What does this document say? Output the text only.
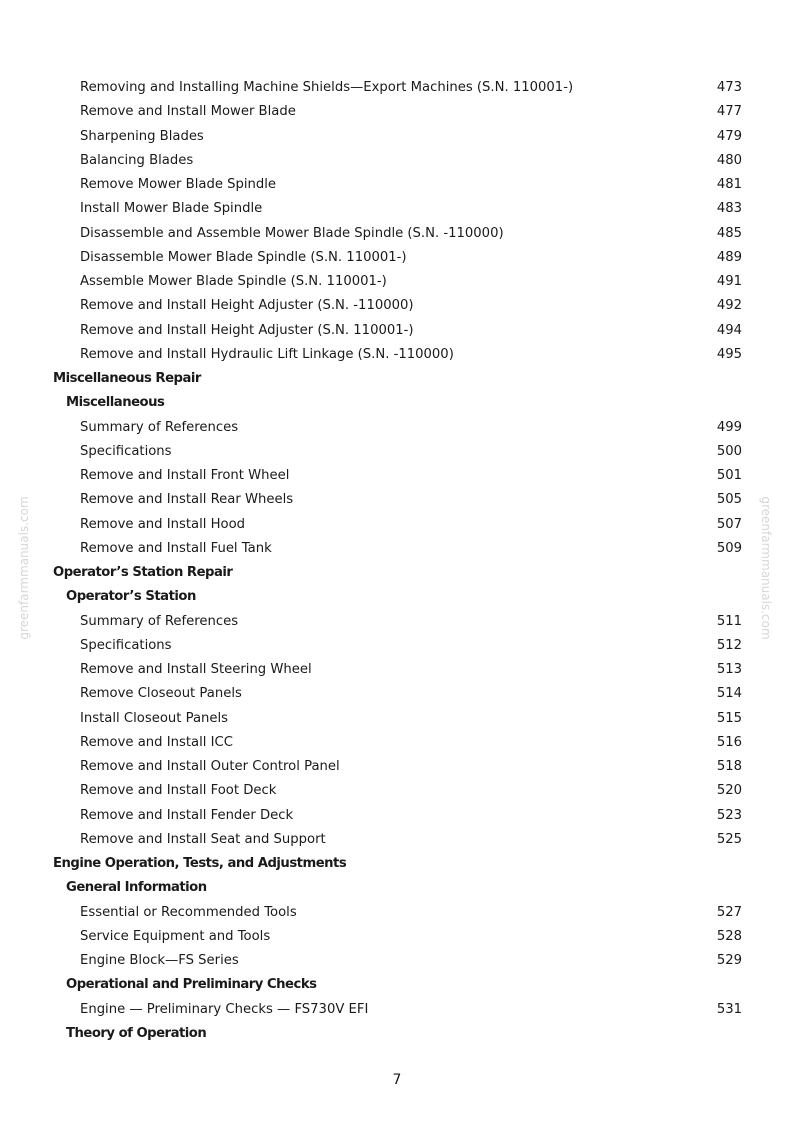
greenfarmmanuals.com	greenfarmmanuals.com
Removing and Installing Machine Shields—Export Machines (S.N. 110001-)	473
Remove and Install Mower Blade	477
Sharpening Blades	479
Balancing Blades	480
Remove Mower Blade Spindle	481
Install Mower Blade Spindle	483
Disassemble and Assemble Mower Blade Spindle (S.N. -110000)	485
Disassemble Mower Blade Spindle (S.N. 110001-)	489
Assemble Mower Blade Spindle (S.N. 110001-)	491
Remove and Install Height Adjuster (S.N. -110000)	492
Remove and Install Height Adjuster (S.N. 110001-)	494
Remove and Install Hydraulic Lift Linkage (S.N. -110000)	495
Miscellaneous Repair
Miscellaneous
Summary of References	499
Specifications	500
Remove and Install Front Wheel	501
Remove and Install Rear Wheels	505
Remove and Install Hood	507
Remove and Install Fuel Tank	509
Operator’s Station Repair
Operator’s Station
Summary of References	511
Specifications	512
Remove and Install Steering Wheel	513
Remove Closeout Panels	514
Install Closeout Panels	515
Remove and Install ICC	516
Remove and Install Outer Control Panel	518
Remove and Install Foot Deck	520
Remove and Install Fender Deck	523
Remove and Install Seat and Support	525
Engine Operation, Tests, and Adjustments
General Information
Essential or Recommended Tools	527
Service Equipment and Tools	528
Engine Block—FS Series	529
Operational and Preliminary Checks
Engine — Preliminary Checks — FS730V EFI	531
Theory of Operation
7
